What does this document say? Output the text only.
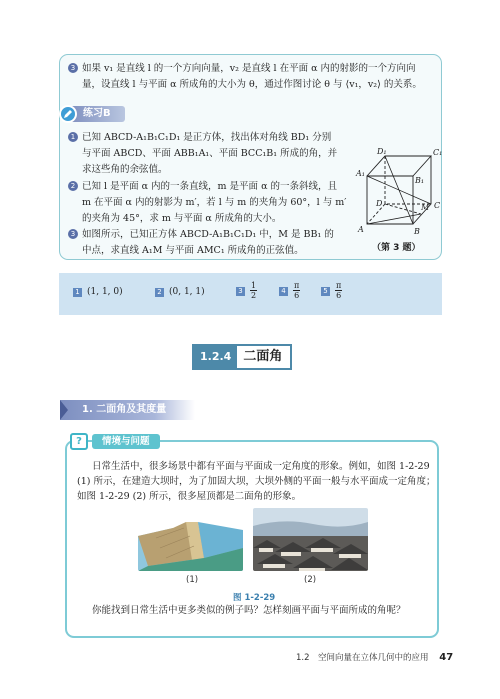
3 如果 v₁ 是直线 l 的一个方向向量，v₂ 是直线 l 在平面 α 内的射影的一个方向向
量，设直线 l 与平面 α 所成角的大小为 θ，通过作图讨论 θ 与 ⟨v₁，v₂⟩ 的关系。
1 已知 ABCD-A₁B₁C₁D₁ 是正方体，找出体对角线 BD₁ 分别
与平面 ABCD、平面 ABB₁A₁、平面 BCC₁B₁ 所成的角，并
求这些角的余弦值。
2 已知 l 是平面 α 内的一条直线，m 是平面 α 的一条斜线，且
m 在平面 α 内的射影为 m′，若 l 与 m 的夹角为 60°，l 与 m′
的夹角为 45°，求 m 与平面 α 所成角的大小。
3 如图所示，已知正方体 ABCD-A₁B₁C₁D₁ 中，M 是 BB₁ 的
中点，求直线 A₁M 与平面 AMC₁ 所成角的正弦值。
练习B
D₁	C₁
A₁
B₁
D	C
A	B
M
（第 3 题）
1 (1, 1, 0)	2 (0, 1, 1)	$3 \frac{1}{2}$	$4 \frac{\pi}{6}$	$5 \frac{\pi}{6}$
1.2.4 二面角
1. 二面角及其度量
?	情境与问题
日常生活中，很多场景中都有平面与平面成一定角度的形象。例如，如图 1-2-29
(1) 所示，在建造大坝时，为了加固大坝，大坝外侧的平面一般与水平面成一定角度；
如图 1-2-29 (2) 所示，很多屋顶都是二面角的形象。
(1)	(2)
图 1-2-29
你能找到日常生活中更多类似的例子吗？怎样刻画平面与平面所成的角呢？
1.2　空间向量在立体几何中的应用 47
